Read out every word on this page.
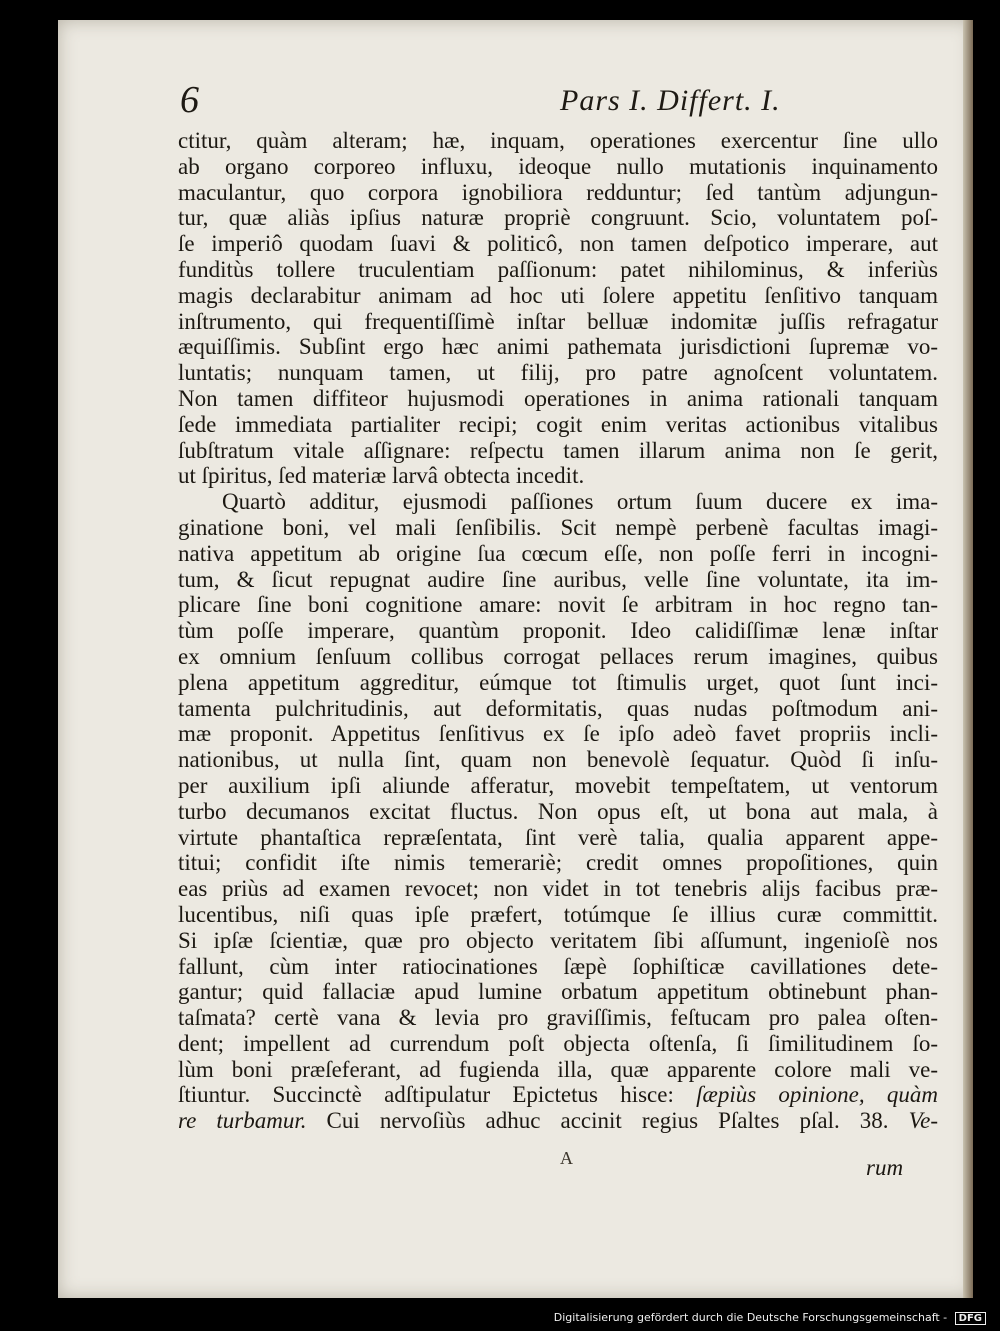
6	Pars I. Differt. I.
ctitur, quàm alteram; hæ, inquam, operationes exercentur ſine ullo
ab organo corporeo influxu, ideoque nullo mutationis inquinamento
maculantur, quo corpora ignobiliora redduntur; ſed tantùm adjungun-
tur, quæ aliàs ipſius naturæ propriè congruunt. Scio, voluntatem poſ-
ſe imperiô quodam ſuavi & politicô, non tamen deſpotico imperare, aut
funditùs tollere truculentiam paſſionum: patet nihilominus, & inferiùs
magis declarabitur animam ad hoc uti ſolere appetitu ſenſitivo tanquam
inſtrumento, qui frequentiſſimè inſtar belluæ indomitæ juſſis refragatur
æquiſſimis. Subſint ergo hæc animi pathemata jurisdictioni ſupremæ vo-
luntatis; nunquam tamen, ut filij, pro patre agnoſcent voluntatem.
Non tamen diffiteor hujusmodi operationes in anima rationali tanquam
ſede immediata partialiter recipi; cogit enim veritas actionibus vitalibus
ſubſtratum vitale aſſignare: reſpectu tamen illarum anima non ſe gerit,
ut ſpiritus, ſed materiæ larvâ obtecta incedit.
Quartò additur, ejusmodi paſſiones ortum ſuum ducere ex ima-
ginatione boni, vel mali ſenſibilis. Scit nempè perbenè facultas imagi-
nativa appetitum ab origine ſua cœcum eſſe, non poſſe ferri in incogni-
tum, & ſicut repugnat audire ſine auribus, velle ſine voluntate, ita im-
plicare ſine boni cognitione amare: novit ſe arbitram in hoc regno tan-
tùm poſſe imperare, quantùm proponit. Ideo calidiſſimæ lenæ inſtar
ex omnium ſenſuum collibus corrogat pellaces rerum imagines, quibus
plena appetitum aggreditur, eúmque tot ſtimulis urget, quot ſunt inci-
tamenta pulchritudinis, aut deformitatis, quas nudas poſtmodum ani-
mæ proponit. Appetitus ſenſitivus ex ſe ipſo adeò favet propriis incli-
nationibus, ut nulla ſint, quam non benevolè ſequatur. Quòd ſi inſu-
per auxilium ipſi aliunde afferatur, movebit tempeſtatem, ut ventorum
turbo decumanos excitat fluctus. Non opus eſt, ut bona aut mala, à
virtute phantaſtica repræſentata, ſint verè talia, qualia apparent appe-
titui; confidit iſte nimis temerariè; credit omnes propoſitiones, quin
eas priùs ad examen revocet; non videt in tot tenebris alijs facibus præ-
lucentibus, niſi quas ipſe præfert, totúmque ſe illius curæ committit.
Si ipſæ ſcientiæ, quæ pro objecto veritatem ſibi aſſumunt, ingenioſè nos
fallunt, cùm inter ratiocinationes ſæpè ſophiſticæ cavillationes dete-
gantur; quid fallaciæ apud lumine orbatum appetitum obtinebunt phan-
taſmata? certè vana & levia pro graviſſimis, feſtucam pro palea oſten-
dent; impellent ad currendum poſt objecta oſtenſa, ſi ſimilitudinem ſo-
lùm boni præſeferant, ad fugienda illa, quæ apparente colore mali ve-
ſtiuntur. Succinctè adſtipulatur Epictetus hisce: ſæpiùs opinione, quàm
re turbamur. Cui nervoſiùs adhuc accinit regius Pſaltes pſal. 38. Ve-
A	rum
Digitalisierung gefördert durch die Deutsche Forschungsgemeinschaft - DFG
